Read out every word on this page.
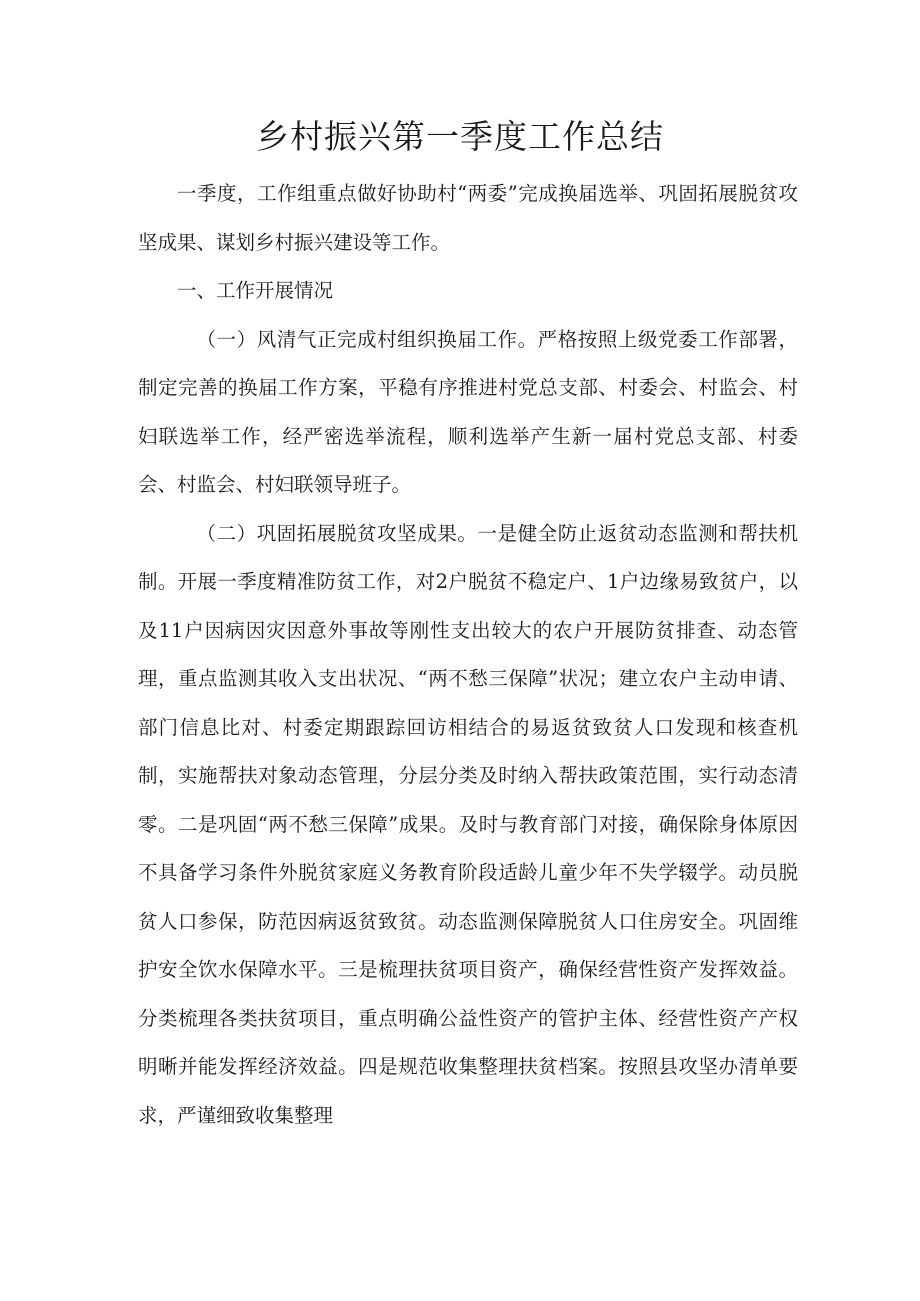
乡村振兴第一季度工作总结

一季度，工作组重点做好协助村“两委”完成换届选举、巩固拓展脱贫攻坚成果、谋划乡村振兴建设等工作。

一、工作开展情况

（一）风清气正完成村组织换届工作。严格按照上级党委工作部署，制定完善的换届工作方案，平稳有序推进村党总支部、村委会、村监会、村妇联选举工作，经严密选举流程，顺利选举产生新一届村党总支部、村委会、村监会、村妇联领导班子。

（二）巩固拓展脱贫攻坚成果。一是健全防止返贫动态监测和帮扶机制。开展一季度精准防贫工作，对2户脱贫不稳定户、1户边缘易致贫户，以及11户因病因灾因意外事故等刚性支出较大的农户开展防贫排查、动态管理，重点监测其收入支出状况、“两不愁三保障”状况；建立农户主动申请、部门信息比对、村委定期跟踪回访相结合的易返贫致贫人口发现和核查机制，实施帮扶对象动态管理，分层分类及时纳入帮扶政策范围，实行动态清零。二是巩固“两不愁三保障”成果。及时与教育部门对接，确保除身体原因不具备学习条件外脱贫家庭义务教育阶段适龄儿童少年不失学辍学。动员脱贫人口参保，防范因病返贫致贫。动态监测保障脱贫人口住房安全。巩固维护安全饮水保障水平。三是梳理扶贫项目资产，确保经营性资产发挥效益。分类梳理各类扶贫项目，重点明确公益性资产的管护主体、经营性资产产权明晰并能发挥经济效益。四是规范收集整理扶贫档案。按照县攻坚办清单要求，严谨细致收集整理
